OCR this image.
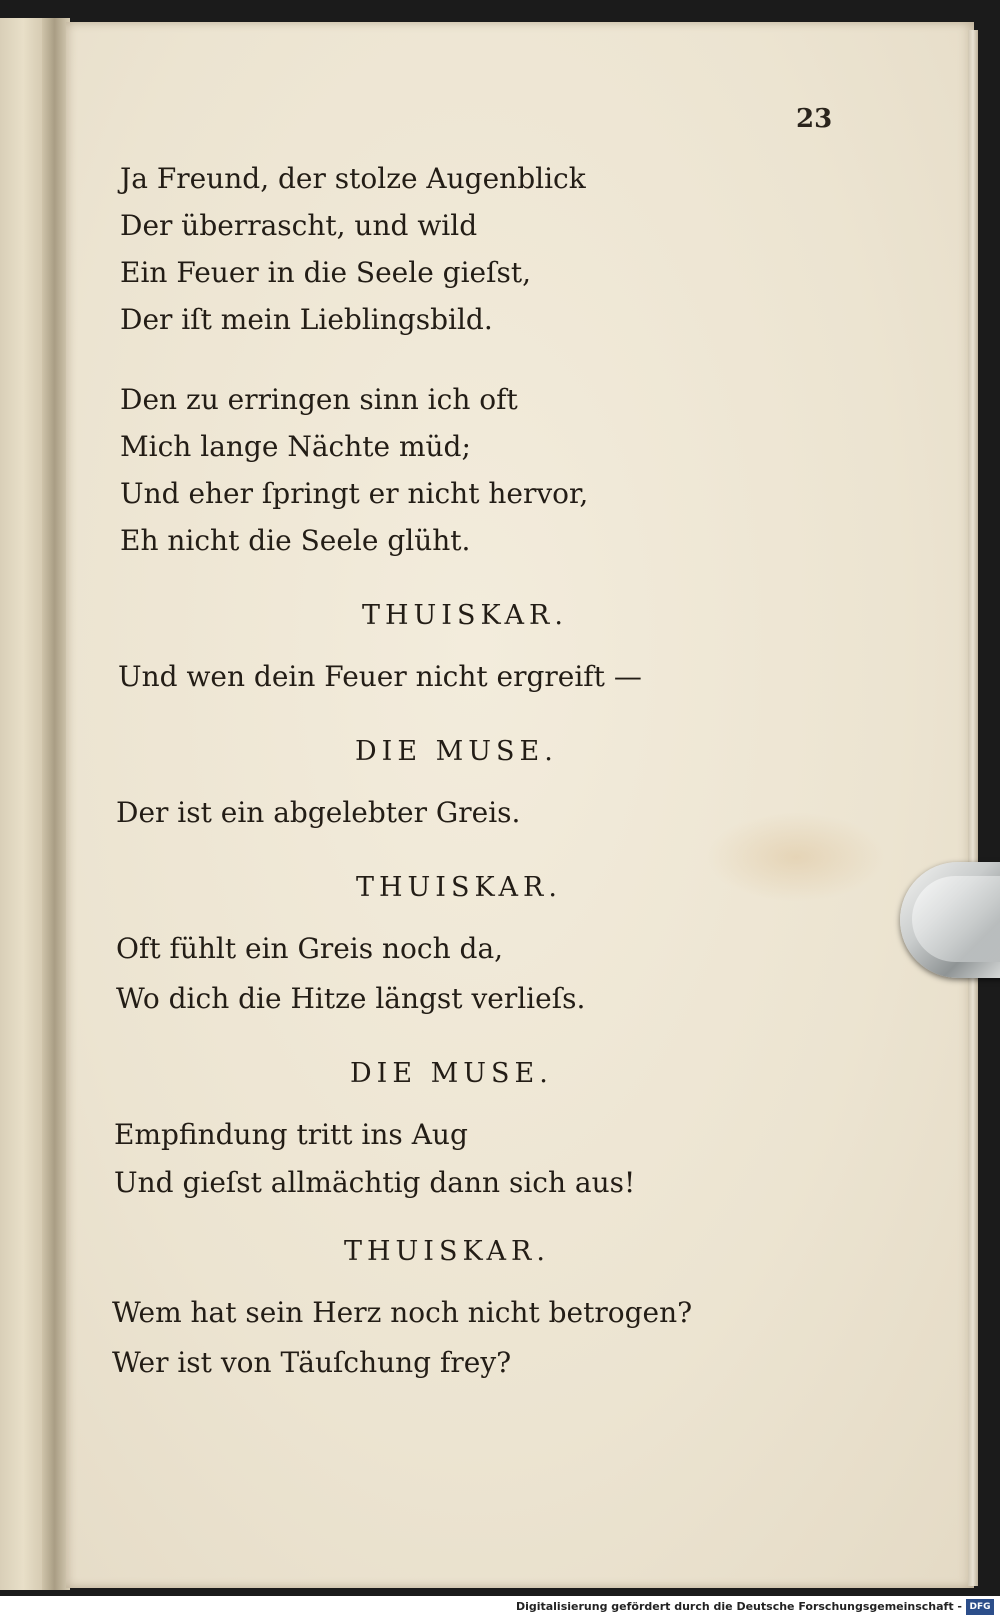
23
Ja Freund, der stolze Augenblick
Der überrascht, und wild
Ein Feuer in die Seele gieſst,
Der iſt mein Lieblingsbild.
Den zu erringen sinn ich oft
Mich lange Nächte müd;
Und eher ſpringt er nicht hervor,
Eh nicht die Seele glüht.
THUISKAR.
Und wen dein Feuer nicht ergreift —
DIE MUSE.
Der ist ein abgelebter Greis.
THUISKAR.
Oft fühlt ein Greis noch da,
Wo dich die Hitze längst verlieſs.
DIE MUSE.
Empfindung tritt ins Aug
Und gieſst allmächtig dann sich aus!
THUISKAR.
Wem hat sein Herz noch nicht betrogen?
Wer ist von Täuſchung frey?
Digitalisierung gefördert durch die Deutsche Forschungsgemeinschaft - DFG
